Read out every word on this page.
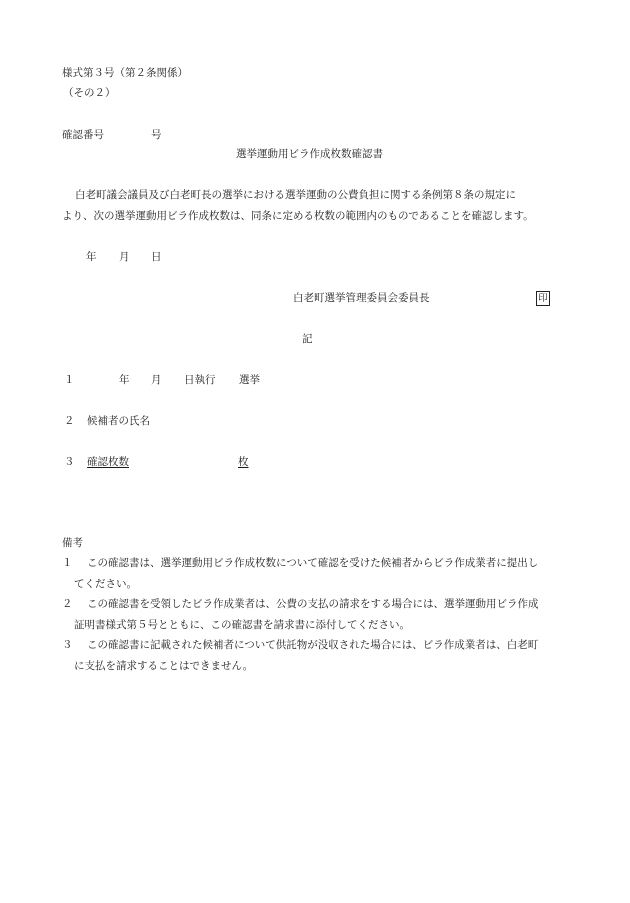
様式第３号（第２条関係）
（その２）
確認番号	号
選挙運動用ビラ作成枚数確認書
白老町議会議員及び白老町長の選挙における選挙運動の公費負担に関する条例第８条の規定に
より、次の選挙運動用ビラ作成枚数は、同条に定める枚数の範囲内のものであることを確認します。
年 月 日
白老町選挙管理委員会委員長	印
記
１	年 月 日執行 選挙
２ 候補者の氏名
３ 確認枚数	枚
備考
１ この確認書は、選挙運動用ビラ作成枚数について確認を受けた候補者からビラ作成業者に提出し
てください。
２ この確認書を受領したビラ作成業者は、公費の支払の請求をする場合には、選挙運動用ビラ作成
証明書様式第５号とともに、この確認書を請求書に添付してください。
３ この確認書に記載された候補者について供託物が没収された場合には、ビラ作成業者は、白老町
に支払を請求することはできません。
